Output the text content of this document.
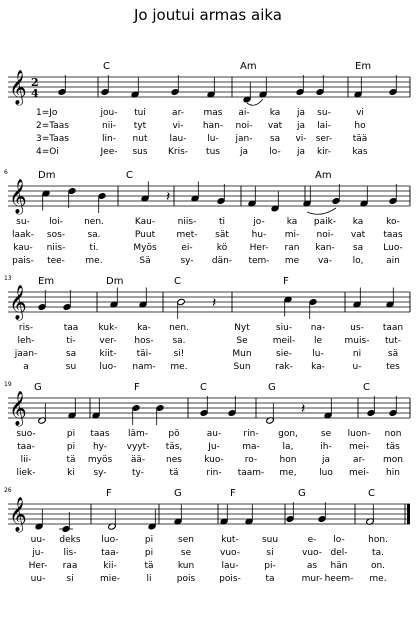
Jo joutui armas aika
𝄞 2
4
C	Am	Em
1=Jo	jou- tui	ar- mas ai- ka ja su-	vi
2=Taas	nii- tyt	vi- han- noi- vat ja lai-	ho
3=Taas	lin- nut lau- lu- jan- sa vi- ser- tää
4=Oi	Jee- sus Kris- tus ja lo- ja kir- kas
𝄞	𝄽
6	Dm	C	Am
su- loi- nen.	Kau-	niis-	ti	jo- ka paik- ka	ko-
laak- sos- sa.	Puut met- sät	hu- mi- noi- vat taas
kau- niis-	ti.	Myös	ei-	kö Her- ran kan- sa Luo-
pais- tee- me.	Sä	sy- dän- tem- me va- lo,	ain
𝄞	𝄽
13	Em	Dm	C	F
ris-	taa kuk- ka- nen.	Nyt	siu- na-	us- taan
leh-	ti-	ver- hos- sa.	Se	meil- le	muis- tut-
jaan-	sa	kiit- täi- si!	Mun	sie- lu-	ni	sä
a	su	luo- nam- me.	Sun	rak- ka-	u-	tes
𝄞	𝄽
19 G	F	C	G	C
suo-	pi taas läm- pö	au- rin- gon,	se luon- non
taa-	pi hy- vyyt- täs,	Ju- ma-	la,	ih- mei- täs
lii-	tä myös ää- nes kuo- ro- hon	ja	ar- mon
liek-	ki sy-	ty-	tä	rin- taam- me,	luo mei- hin
𝄞
26	F	G	F	G	C
uu- deks luo-	pi	sen	kut-	suu	e- lo-	hon.
ju- lis-	taa-	pi	se	vuo-	si	vuo- del-	ta.
Her- raa	kii-	tä	kun	lau-	pi-	as hän	on.
uu- si	mie-	li	pois	pois-	ta	mur- heem- me.
